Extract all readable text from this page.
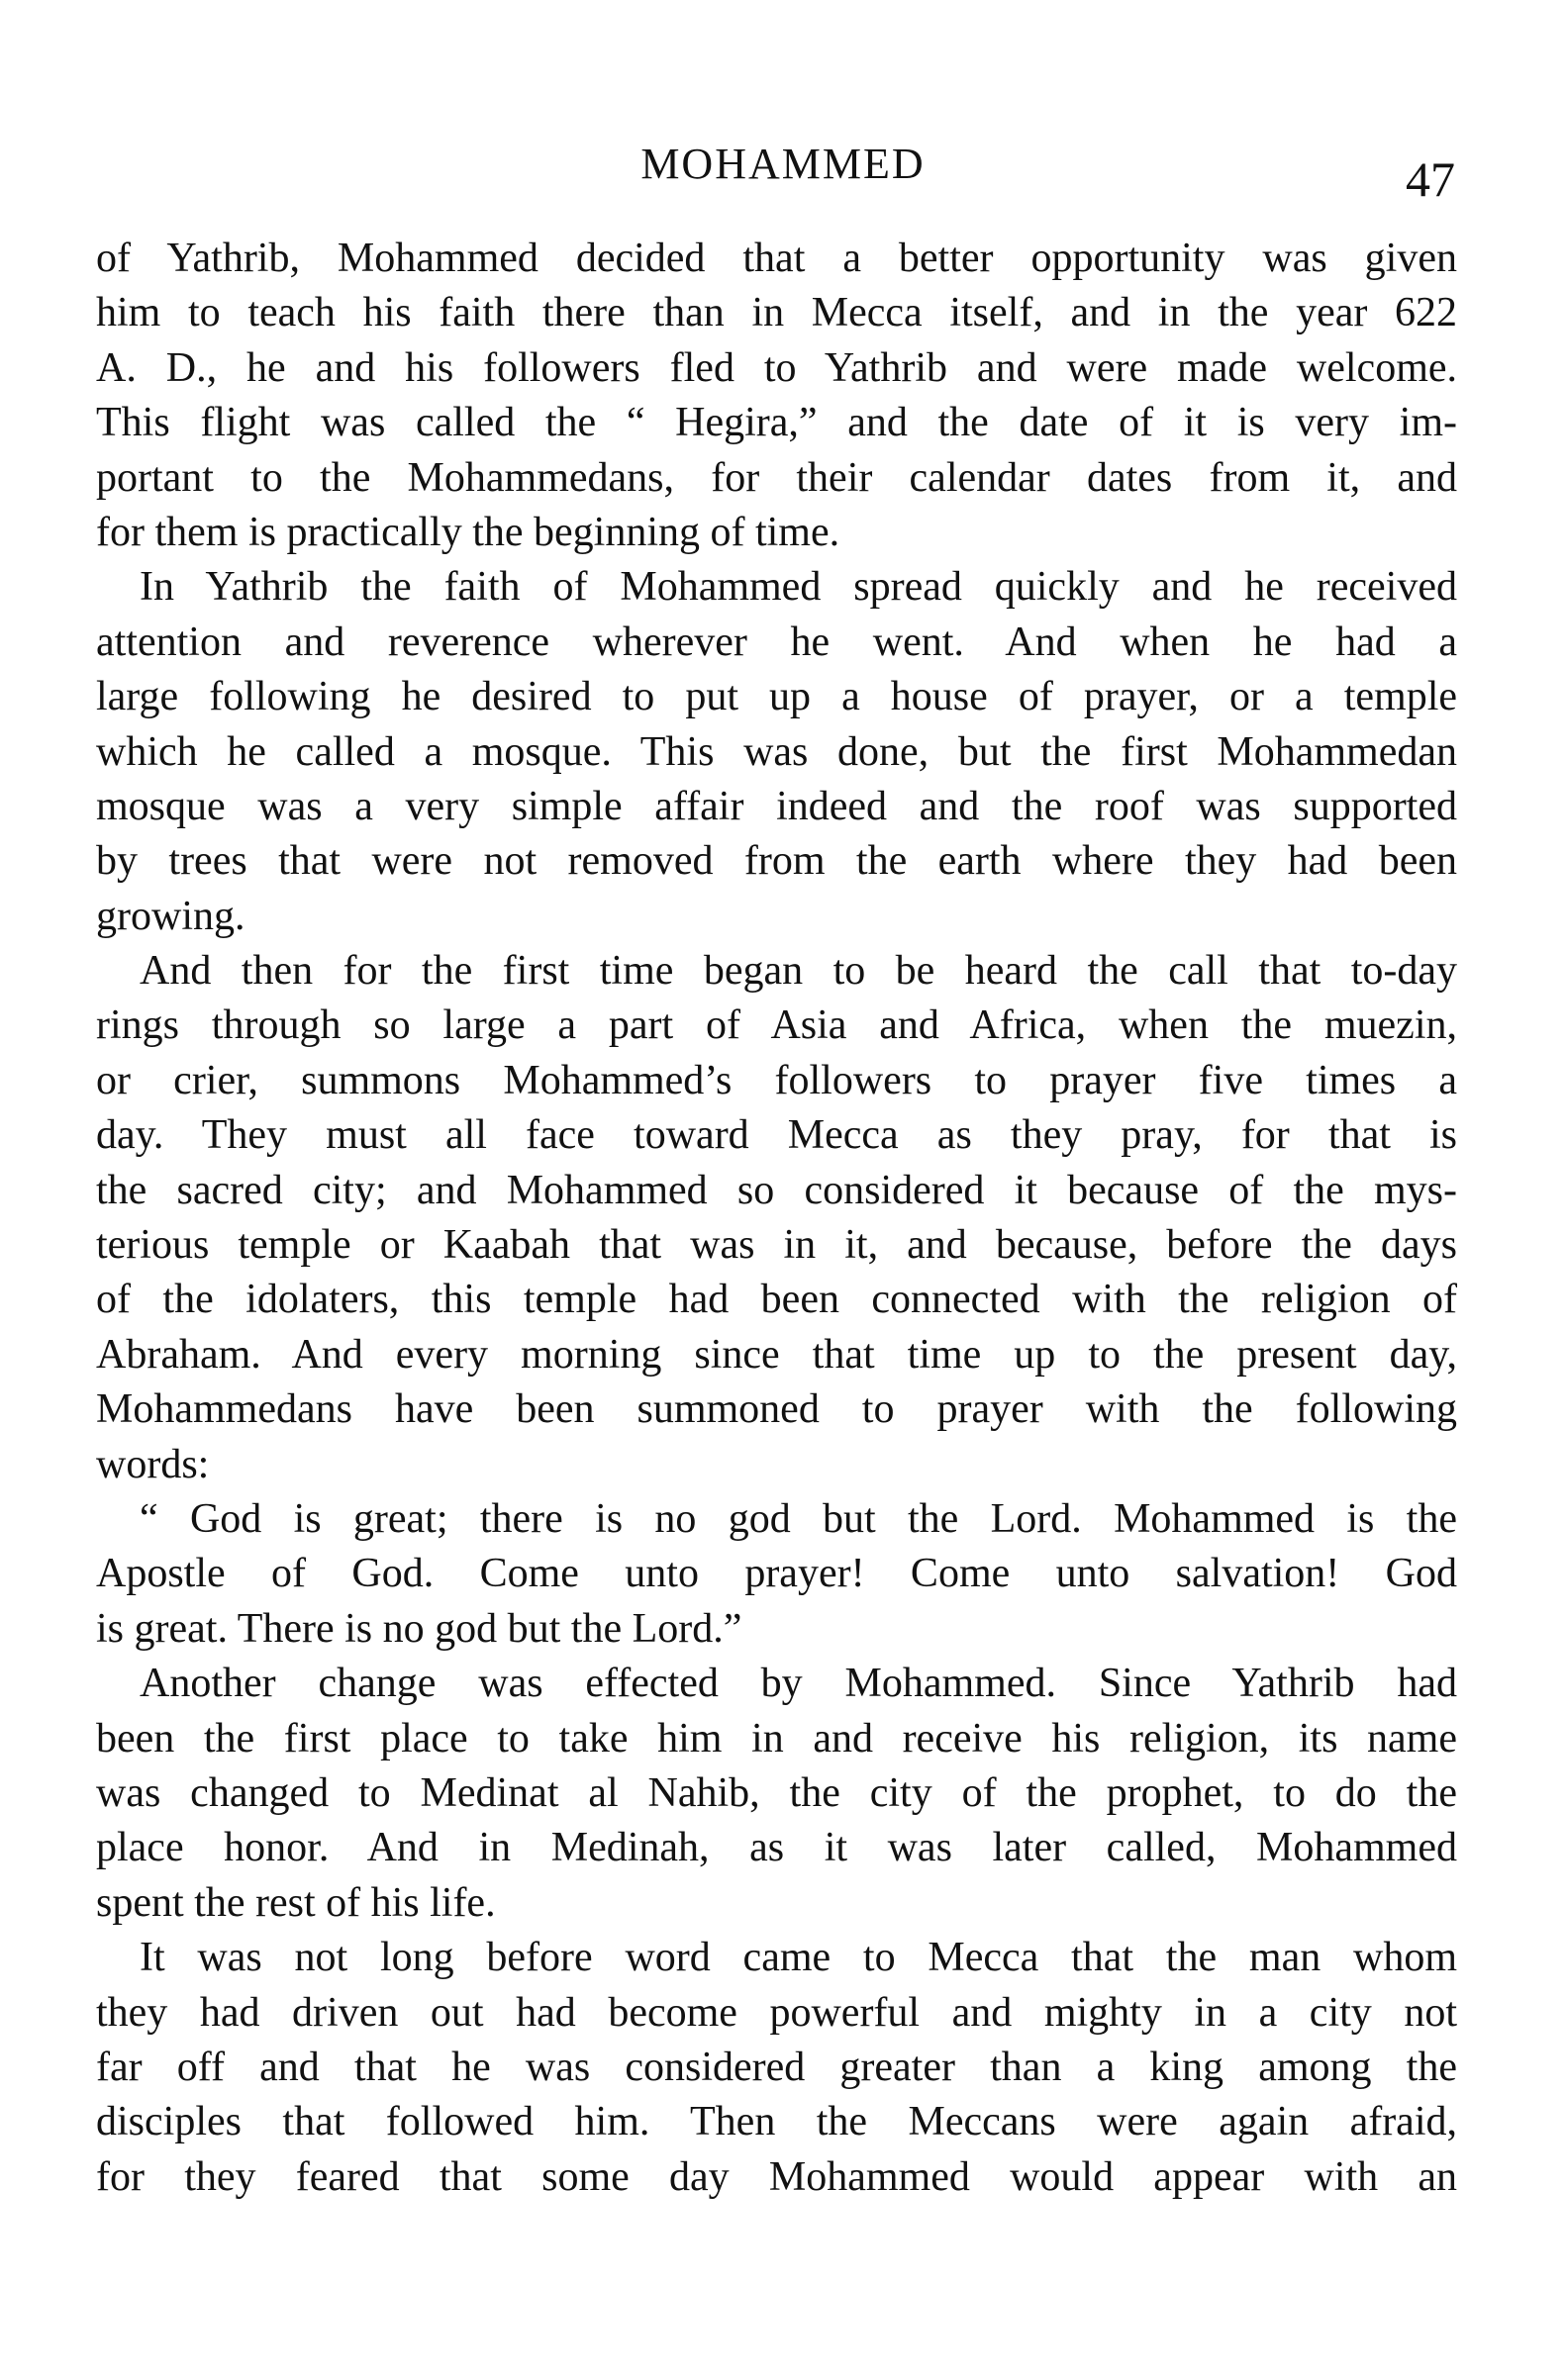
MOHAMMED	47
of Yathrib, Mohammed decided that a better opportunity was given
him to teach his faith there than in Mecca itself, and in the year 622
A. D., he and his followers fled to Yathrib and were made welcome.
This flight was called the “ Hegira,” and the date of it is very im-
portant to the Mohammedans, for their calendar dates from it, and
for them is practically the beginning of time.
In Yathrib the faith of Mohammed spread quickly and he received
attention and reverence wherever he went. And when he had a
large following he desired to put up a house of prayer, or a temple
which he called a mosque. This was done, but the first Mohammedan
mosque was a very simple affair indeed and the roof was supported
by trees that were not removed from the earth where they had been
growing.
And then for the first time began to be heard the call that to-day
rings through so large a part of Asia and Africa, when the muezin,
or crier, summons Mohammed’s followers to prayer five times a
day. They must all face toward Mecca as they pray, for that is
the sacred city; and Mohammed so considered it because of the mys-
terious temple or Kaabah that was in it, and because, before the days
of the idolaters, this temple had been connected with the religion of
Abraham. And every morning since that time up to the present day,
Mohammedans have been summoned to prayer with the following
words:
“ God is great; there is no god but the Lord. Mohammed is the
Apostle of God. Come unto prayer! Come unto salvation! God
is great. There is no god but the Lord.”
Another change was effected by Mohammed. Since Yathrib had
been the first place to take him in and receive his religion, its name
was changed to Medinat al Nahib, the city of the prophet, to do the
place honor. And in Medinah, as it was later called, Mohammed
spent the rest of his life.
It was not long before word came to Mecca that the man whom
they had driven out had become powerful and mighty in a city not
far off and that he was considered greater than a king among the
disciples that followed him. Then the Meccans were again afraid,
for they feared that some day Mohammed would appear with an
